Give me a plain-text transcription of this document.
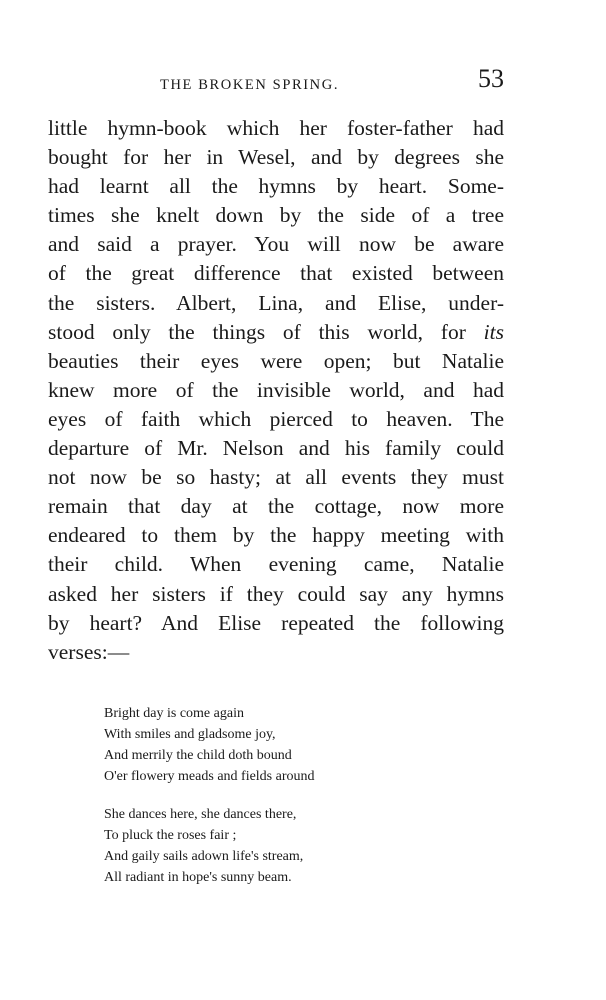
THE BROKEN SPRING.	53
little hymn-book which her foster-father had
bought for her in Wesel, and by degrees she
had learnt all the hymns by heart. Some-
times she knelt down by the side of a tree
and said a prayer. You will now be aware
of the great difference that existed between
the sisters. Albert, Lina, and Elise, under-
stood only the things of this world, for its
beauties their eyes were open; but Natalie
knew more of the invisible world, and had
eyes of faith which pierced to heaven. The
departure of Mr. Nelson and his family could
not now be so hasty; at all events they must
remain that day at the cottage, now more
endeared to them by the happy meeting with
their child. When evening came, Natalie
asked her sisters if they could say any hymns
by heart? And Elise repeated the following
verses:—
Bright day is come again
With smiles and gladsome joy,
And merrily the child doth bound
O'er flowery meads and fields around
She dances here, she dances there,
To pluck the roses fair ;
And gaily sails adown life's stream,
All radiant in hope's sunny beam.
